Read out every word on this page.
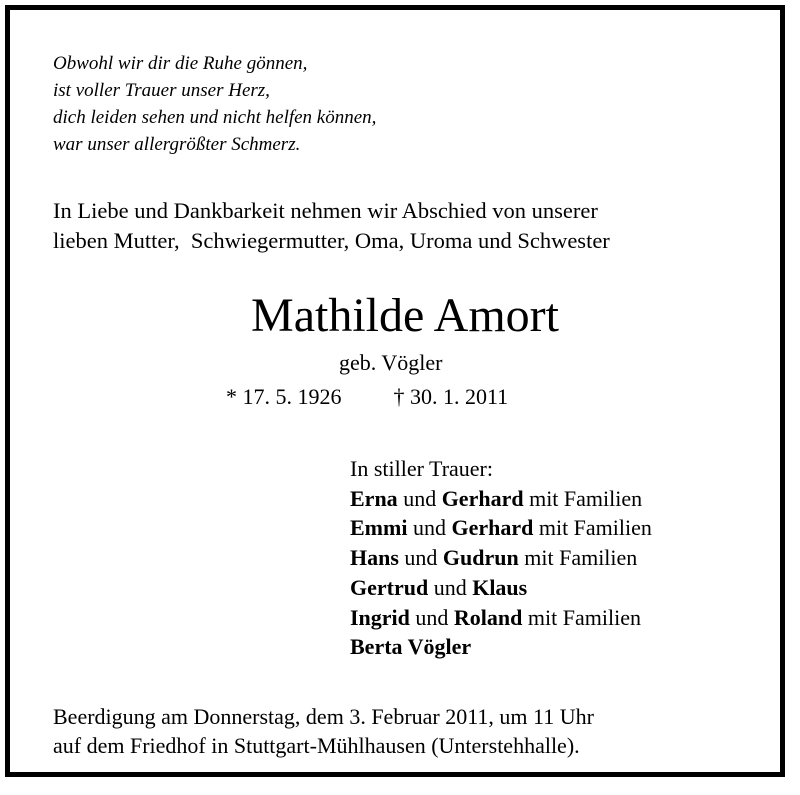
Obwohl wir dir die Ruhe gönnen,
ist voller Trauer unser Herz,
dich leiden sehen und nicht helfen können,
war unser allergrößter Schmerz.
In Liebe und Dankbarkeit nehmen wir Abschied von unserer
lieben Mutter,  Schwiegermutter, Oma, Uroma und Schwester
Mathilde Amort
geb. Vögler
* 17. 5. 1926 † 30. 1. 2011
In stiller Trauer:
Erna und Gerhard mit Familien
Emmi und Gerhard mit Familien
Hans und Gudrun mit Familien
Gertrud und Klaus
Ingrid und Roland mit Familien
Berta Vögler
Beerdigung am Donnerstag, dem 3. Februar 2011, um 11 Uhr
auf dem Friedhof in Stuttgart-Mühlhausen (Unterstehhalle).
